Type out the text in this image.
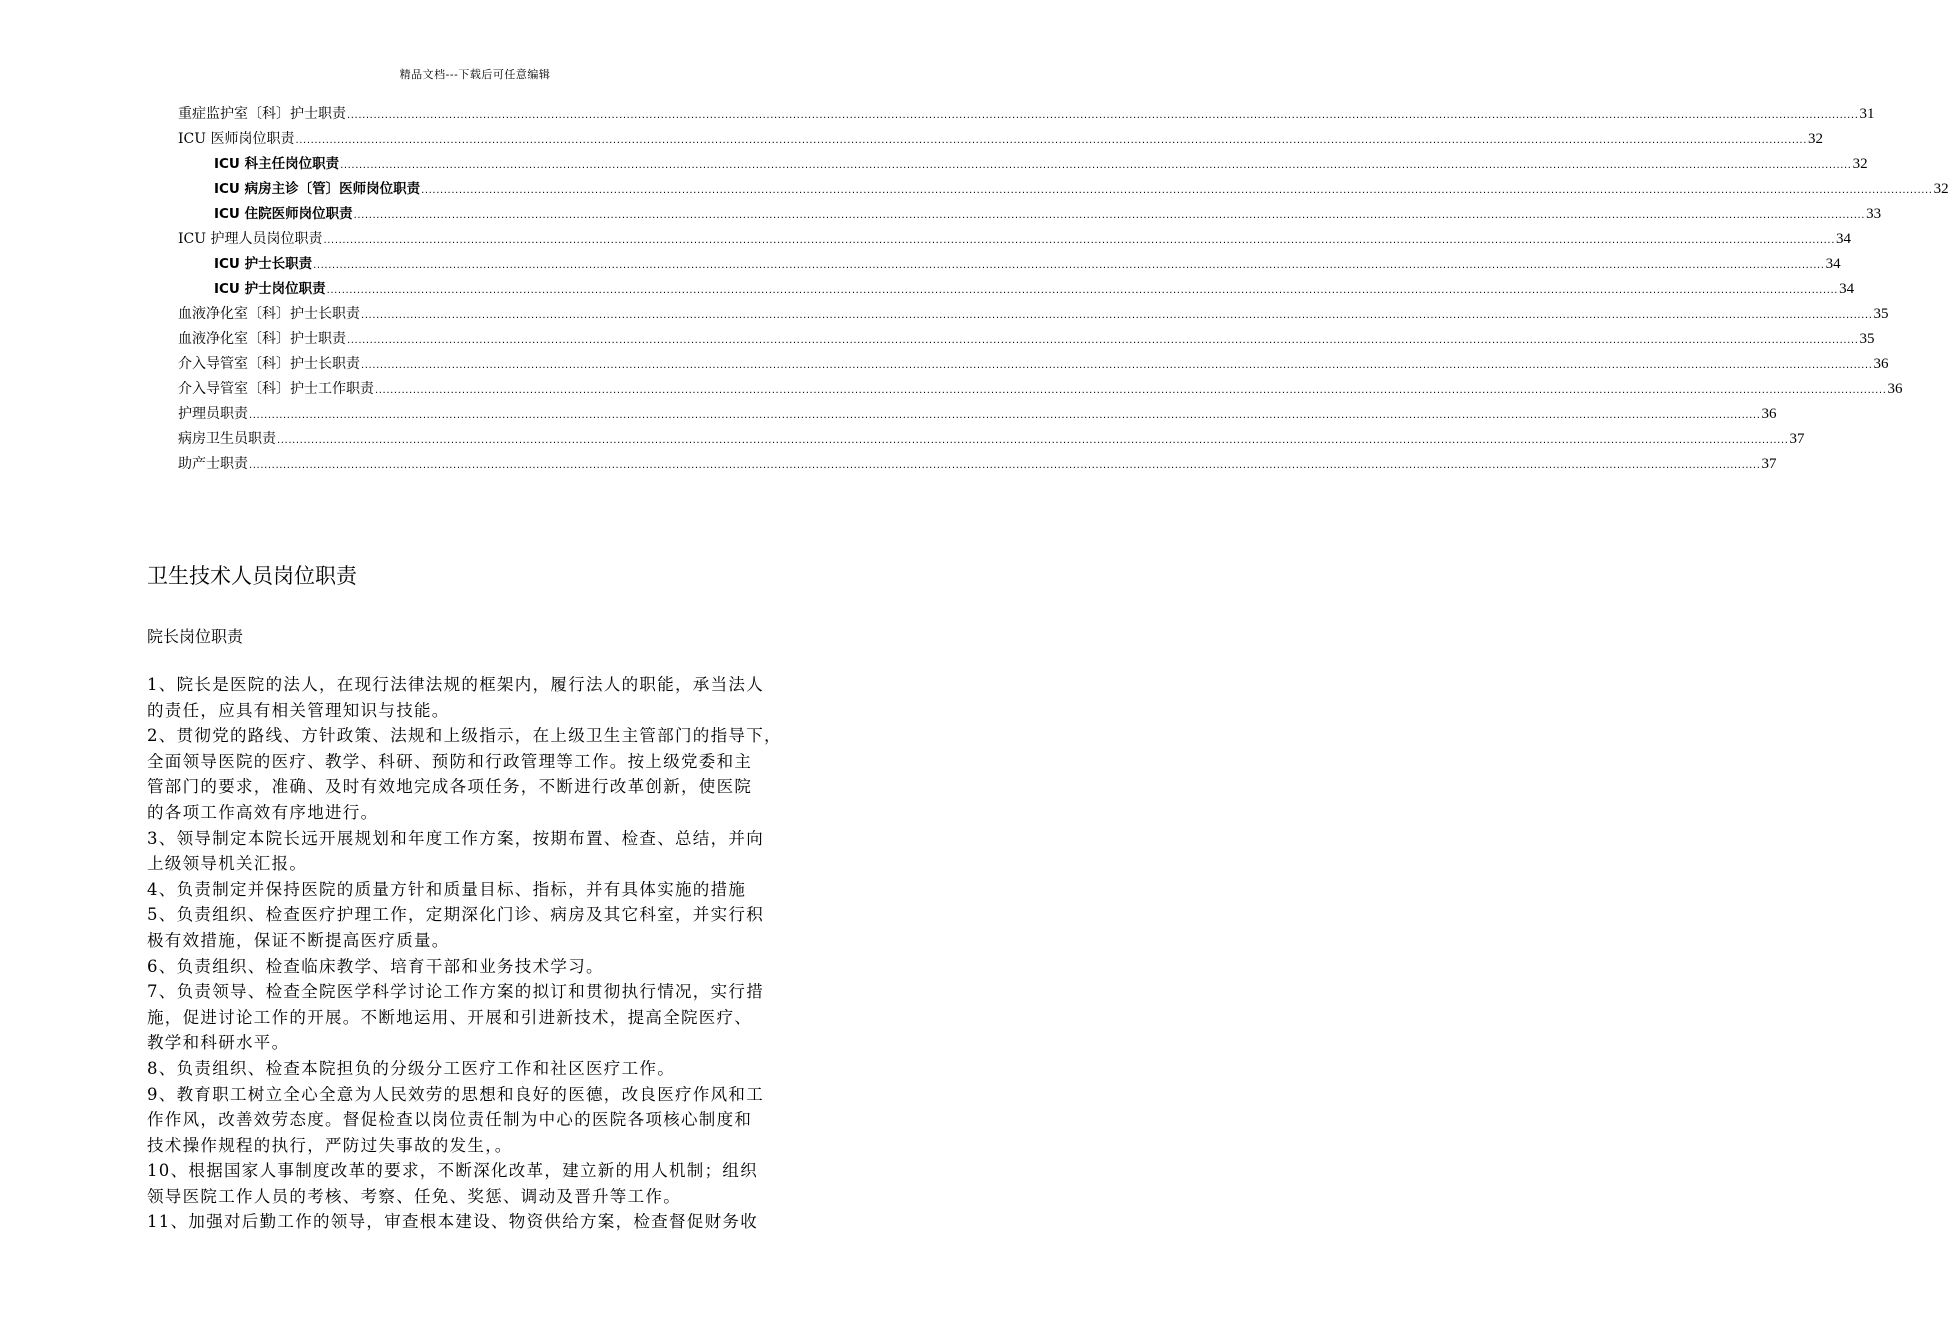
精品文档---下载后可任意编辑
重症监护室〔科〕护士职责 ................................................................................................................................................................................................................................................................................................................................................................................................................ 31
ICU 医师岗位职责 ................................................................................................................................................................................................................................................................................................................................................................................................................ 32
ICU 科主任岗位职责 ................................................................................................................................................................................................................................................................................................................................................................................................................ 32
ICU 病房主诊〔管〕医师岗位职责 ................................................................................................................................................................................................................................................................................................................................................................................................................ 32
ICU 住院医师岗位职责 ................................................................................................................................................................................................................................................................................................................................................................................................................ 33
ICU 护理人员岗位职责 ................................................................................................................................................................................................................................................................................................................................................................................................................ 34
ICU 护士长职责 ................................................................................................................................................................................................................................................................................................................................................................................................................ 34
ICU 护士岗位职责 ................................................................................................................................................................................................................................................................................................................................................................................................................ 34
血液净化室〔科〕护士长职责 ................................................................................................................................................................................................................................................................................................................................................................................................................ 35
血液净化室〔科〕护士职责 ................................................................................................................................................................................................................................................................................................................................................................................................................ 35
介入导管室〔科〕护士长职责 ................................................................................................................................................................................................................................................................................................................................................................................................................ 36
介入导管室〔科〕护士工作职责 ................................................................................................................................................................................................................................................................................................................................................................................................................ 36
护理员职责 ................................................................................................................................................................................................................................................................................................................................................................................................................ 36
病房卫生员职责 ................................................................................................................................................................................................................................................................................................................................................................................................................ 37
助产士职责 ................................................................................................................................................................................................................................................................................................................................................................................................................ 37
卫生技术人员岗位职责
院长岗位职责
1、院长是医院的法人，在现行法律法规的框架内，履行法人的职能，承当法人
的责任，应具有相关管理知识与技能。
2、贯彻党的路线、方针政策、法规和上级指示，在上级卫生主管部门的指导下，
全面领导医院的医疗、教学、科研、预防和行政管理等工作。按上级党委和主
管部门的要求，准确、及时有效地完成各项任务，不断进行改革创新，使医院
的各项工作高效有序地进行。
3、领导制定本院长远开展规划和年度工作方案，按期布置、检查、总结，并向
上级领导机关汇报。
4、负责制定并保持医院的质量方针和质量目标、指标，并有具体实施的措施
5、负责组织、检查医疗护理工作，定期深化门诊、病房及其它科室，并实行积
极有效措施，保证不断提高医疗质量。
6、负责组织、检查临床教学、培育干部和业务技术学习。
7、负责领导、检查全院医学科学讨论工作方案的拟订和贯彻执行情况，实行措
施，促进讨论工作的开展。不断地运用、开展和引进新技术，提高全院医疗、
教学和科研水平。
8、负责组织、检查本院担负的分级分工医疗工作和社区医疗工作。
9、教育职工树立全心全意为人民效劳的思想和良好的医德，改良医疗作风和工
作作风，改善效劳态度。督促检查以岗位责任制为中心的医院各项核心制度和
技术操作规程的执行，严防过失事故的发生，。
10、根据国家人事制度改革的要求，不断深化改革，建立新的用人机制；组织
领导医院工作人员的考核、考察、任免、奖惩、调动及晋升等工作。
11、加强对后勤工作的领导，审查根本建设、物资供给方案，检查督促财务收
